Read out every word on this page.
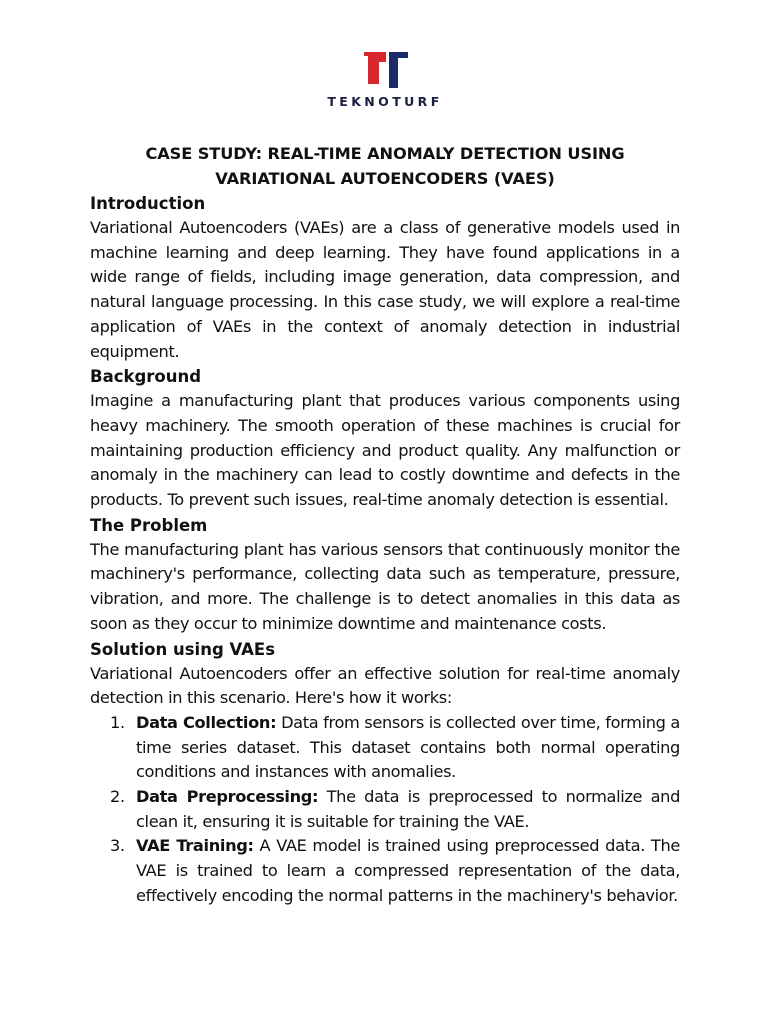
TEKNOTURF
CASE STUDY: REAL-TIME ANOMALY DETECTION USING
VARIATIONAL AUTOENCODERS (VAES)
Introduction

Variational Autoencoders (VAEs) are a class of generative models used in machine learning and deep learning. They have found applications in a wide range of fields, including image generation, data compression, and natural language processing. In this case study, we will explore a real-time application of VAEs in the context of anomaly detection in industrial equipment.

Background

Imagine a manufacturing plant that produces various components using heavy machinery. The smooth operation of these machines is crucial for maintaining production efficiency and product quality. Any malfunction or anomaly in the machinery can lead to costly downtime and defects in the products. To prevent such issues, real-time anomaly detection is essential.

The Problem

The manufacturing plant has various sensors that continuously monitor the machinery's performance, collecting data such as temperature, pressure, vibration, and more. The challenge is to detect anomalies in this data as soon as they occur to minimize downtime and maintenance costs.

Solution using VAEs

Variational Autoencoders offer an effective solution for real-time anomaly detection in this scenario. Here's how it works:

1. Data Collection: Data from sensors is collected over time, forming a time series dataset. This dataset contains both normal operating conditions and instances with anomalies.
2. Data Preprocessing: The data is preprocessed to normalize and clean it, ensuring it is suitable for training the VAE.
3. VAE Training: A VAE model is trained using preprocessed data. The VAE is trained to learn a compressed representation of the data, effectively encoding the normal patterns in the machinery's behavior.
